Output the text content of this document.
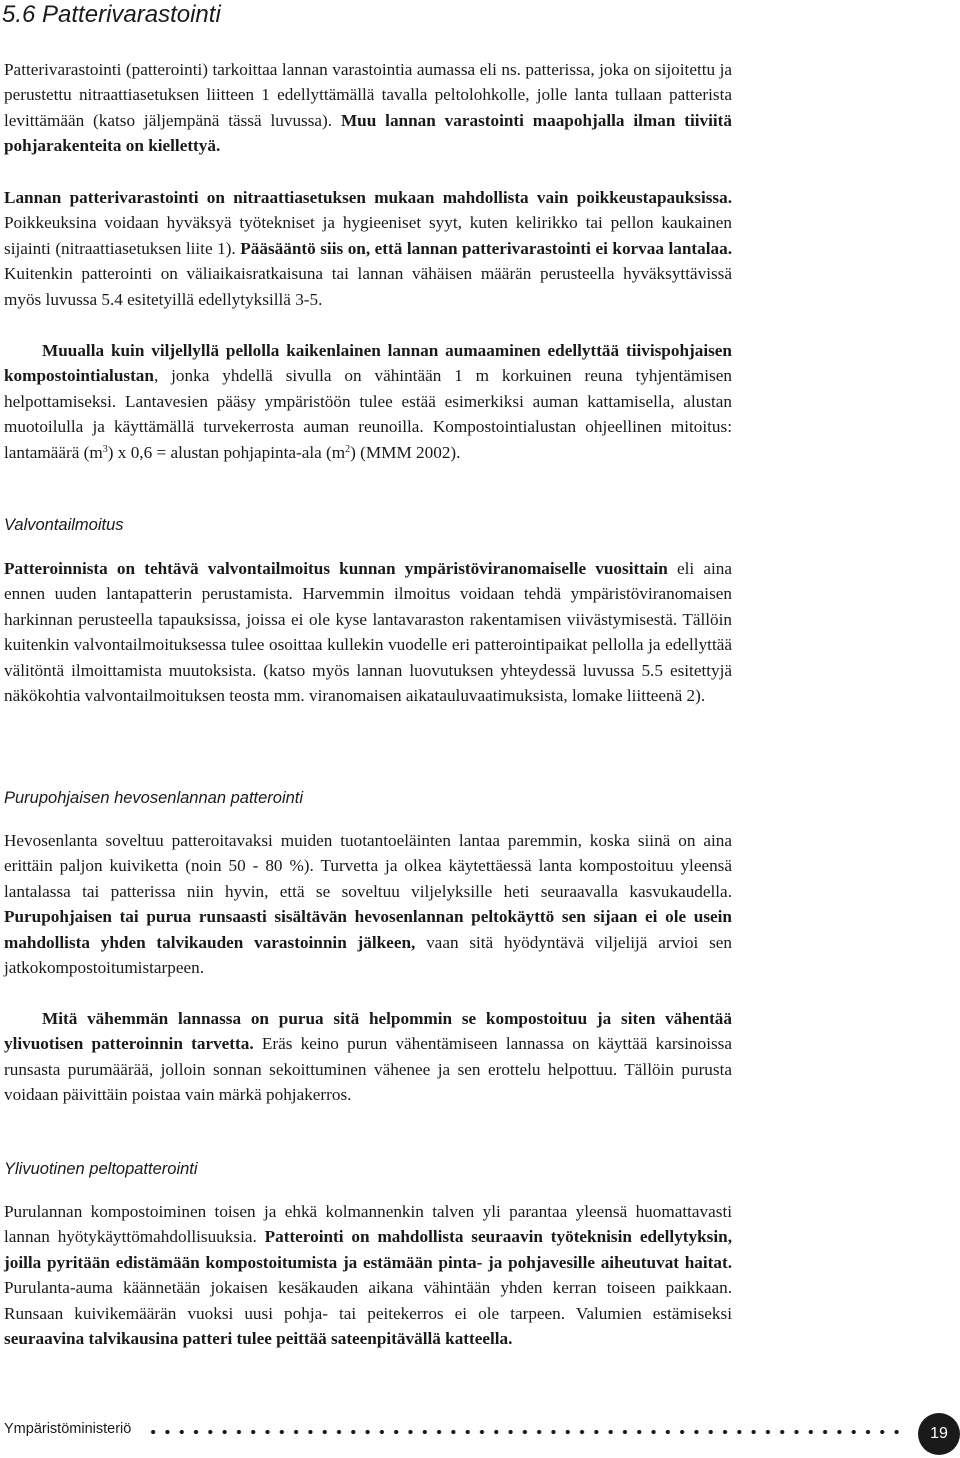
5.6 Patterivarastointi

Patterivarastointi (patterointi) tarkoittaa lannan varastointia aumassa eli ns. patterissa, joka on sijoitettu ja perustettu nitraattiasetuksen liitteen 1 edellyttämällä tavalla peltolohkolle, jolle lanta tullaan patterista levittämään (katso jäljempänä tässä luvussa). Muu lannan varastointi maapohjalla ilman tiiviitä pohjarakenteita on kiellettyä.

Lannan patterivarastointi on nitraattiasetuksen mukaan mahdollista vain poikkeustapauksissa. Poikkeuksina voidaan hyväksyä työtekniset ja hygieeniset syyt, kuten kelirikko tai pellon kaukainen sijainti (nitraattiasetuksen liite 1). Pääsääntö siis on, että lannan patterivarastointi ei korvaa lantalaa. Kuitenkin patterointi on väliaikaisratkaisuna tai lannan vähäisen määrän perusteella hyväksyttävissä myös luvussa 5.4 esitetyillä edellytyksillä 3-5.

Muualla kuin viljellyllä pellolla kaikenlainen lannan aumaaminen edellyttää tiivispohjaisen kompostointialustan, jonka yhdellä sivulla on vähintään 1 m korkuinen reuna tyhjentämisen helpottamiseksi. Lantavesien pääsy ympäristöön tulee estää esimerkiksi auman kattamisella, alustan muotoilulla ja käyttämällä turvekerrosta auman reunoilla. Kompostointialustan ohjeellinen mitoitus: lantamäärä $(m^3)$ x 0,6 = alustan pohjapinta-ala $(m^2)$ (MMM 2002).

Valvontailmoitus

Patteroinnista on tehtävä valvontailmoitus kunnan ympäristöviranomaiselle vuosittain eli aina ennen uuden lantapatterin perustamista. Harvemmin ilmoitus voidaan tehdä ympäristöviranomaisen harkinnan perusteella tapauksissa, joissa ei ole kyse lantavaraston rakentamisen viivästymisestä. Tällöin kuitenkin valvontailmoituksessa tulee osoittaa kullekin vuodelle eri patterointipaikat pellolla ja edellyttää välitöntä ilmoittamista muutoksista. (katso myös lannan luovutuksen yhteydessä luvussa 5.5 esitettyjä näkökohtia valvontailmoituksen teosta mm. viranomaisen aikatauluvaatimuksista, lomake liitteenä 2).

Purupohjaisen hevosenlannan patterointi

Hevosenlanta soveltuu patteroitavaksi muiden tuotantoeläinten lantaa paremmin, koska siinä on aina erittäin paljon kuiviketta (noin 50 - 80 %). Turvetta ja olkea käytettäessä lanta kompostoituu yleensä lantalassa tai patterissa niin hyvin, että se soveltuu viljelyksille heti seuraavalla kasvukaudella. Purupohjaisen tai purua runsaasti sisältävän hevosenlannan peltokäyttö sen sijaan ei ole usein mahdollista yhden talvikauden varastoinnin jälkeen, vaan sitä hyödyntävä viljelijä arvioi sen jatkokompostoitumistarpeen.

Mitä vähemmän lannassa on purua sitä helpommin se kompostoituu ja siten vähentää ylivuotisen patteroinnin tarvetta. Eräs keino purun vähentämiseen lannassa on käyttää karsinoissa runsasta purumäärää, jolloin sonnan sekoittuminen vähenee ja sen erottelu helpottuu. Tällöin purusta voidaan päivittäin poistaa vain märkä pohjakerros.

Ylivuotinen peltopatterointi

Purulannan kompostoiminen toisen ja ehkä kolmannenkin talven yli parantaa yleensä huomattavasti lannan hyötykäyttömahdollisuuksia. Patterointi on mahdollista seuraavin työteknisin edellytyksin, joilla pyritään edistämään kompostoitumista ja estämään pinta- ja pohjavesille aiheutuvat haitat. Purulanta-auma käännetään jokaisen kesäkauden aikana vähintään yhden kerran toiseen paikkaan. Runsaan kuivikemäärän vuoksi uusi pohja- tai peitekerros ei ole tarpeen. Valumien estämiseksi seuraavina talvikausina patteri tulee peittää sateenpitävällä katteella.

Ympäristöministeriö	19
